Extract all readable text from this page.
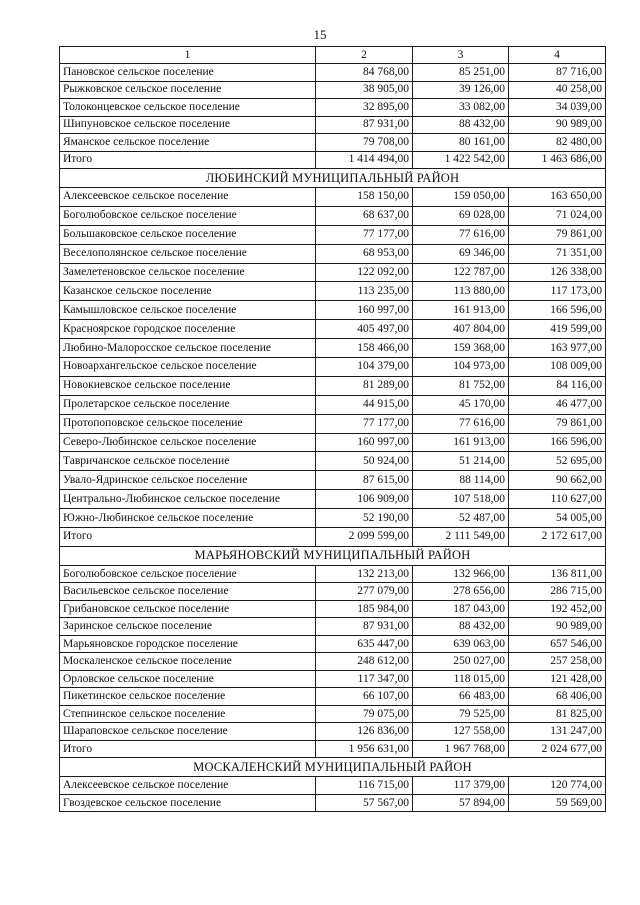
15
1	2	3	4
Пановское сельское поселение	84 768,00	85 251,00	87 716,00
Рыжковское сельское поселение	38 905,00	39 126,00	40 258,00
Толоконцевское сельское поселение	32 895,00	33 082,00	34 039,00
Шипуновское сельское поселение	87 931,00	88 432,00	90 989,00
Яманское сельское поселение	79 708,00	80 161,00	82 480,00
Итого	1 414 494,00	1 422 542,00	1 463 686,00
ЛЮБИНСКИЙ МУНИЦИПАЛЬНЫЙ РАЙОН			
Алексеевское сельское поселение	158 150,00	159 050,00	163 650,00
Боголюбовское сельское поселение	68 637,00	69 028,00	71 024,00
Большаковское сельское поселение	77 177,00	77 616,00	79 861,00
Веселополянское сельское поселение	68 953,00	69 346,00	71 351,00
Замелетеновское сельское поселение	122 092,00	122 787,00	126 338,00
Казанское сельское поселение	113 235,00	113 880,00	117 173,00
Камышловское сельское поселение	160 997,00	161 913,00	166 596,00
Красноярское городское поселение	405 497,00	407 804,00	419 599,00
Любино-Малоросское сельское поселение	158 466,00	159 368,00	163 977,00
Новоархангельское сельское поселение	104 379,00	104 973,00	108 009,00
Новокиевское сельское поселение	81 289,00	81 752,00	84 116,00
Пролетарское сельское поселение	44 915,00	45 170,00	46 477,00
Протопоповское сельское поселение	77 177,00	77 616,00	79 861,00
Северо-Любинское сельское поселение	160 997,00	161 913,00	166 596,00
Тавричанское сельское поселение	50 924,00	51 214,00	52 695,00
Увало-Ядринское сельское поселение	87 615,00	88 114,00	90 662,00
Центрально-Любинское сельское поселение	106 909,00	107 518,00	110 627,00
Южно-Любинское сельское поселение	52 190,00	52 487,00	54 005,00
Итого	2 099 599,00	2 111 549,00	2 172 617,00
МАРЬЯНОВСКИЙ МУНИЦИПАЛЬНЫЙ РАЙОН			
Боголюбовское сельское поселение	132 213,00	132 966,00	136 811,00
Васильевское сельское поселение	277 079,00	278 656,00	286 715,00
Грибановское сельское поселение	185 984,00	187 043,00	192 452,00
Заринское сельское поселение	87 931,00	88 432,00	90 989,00
Марьяновское городское поселение	635 447,00	639 063,00	657 546,00
Москаленское сельское поселение	248 612,00	250 027,00	257 258,00
Орловское сельское поселение	117 347,00	118 015,00	121 428,00
Пикетинское сельское поселение	66 107,00	66 483,00	68 406,00
Степнинское сельское поселение	79 075,00	79 525,00	81 825,00
Шараповское сельское поселение	126 836,00	127 558,00	131 247,00
Итого	1 956 631,00	1 967 768,00	2 024 677,00
МОСКАЛЕНСКИЙ МУНИЦИПАЛЬНЫЙ РАЙОН			
Алексеевское сельское поселение	116 715,00	117 379,00	120 774,00
Гвоздевское сельское поселение	57 567,00	57 894,00	59 569,00
